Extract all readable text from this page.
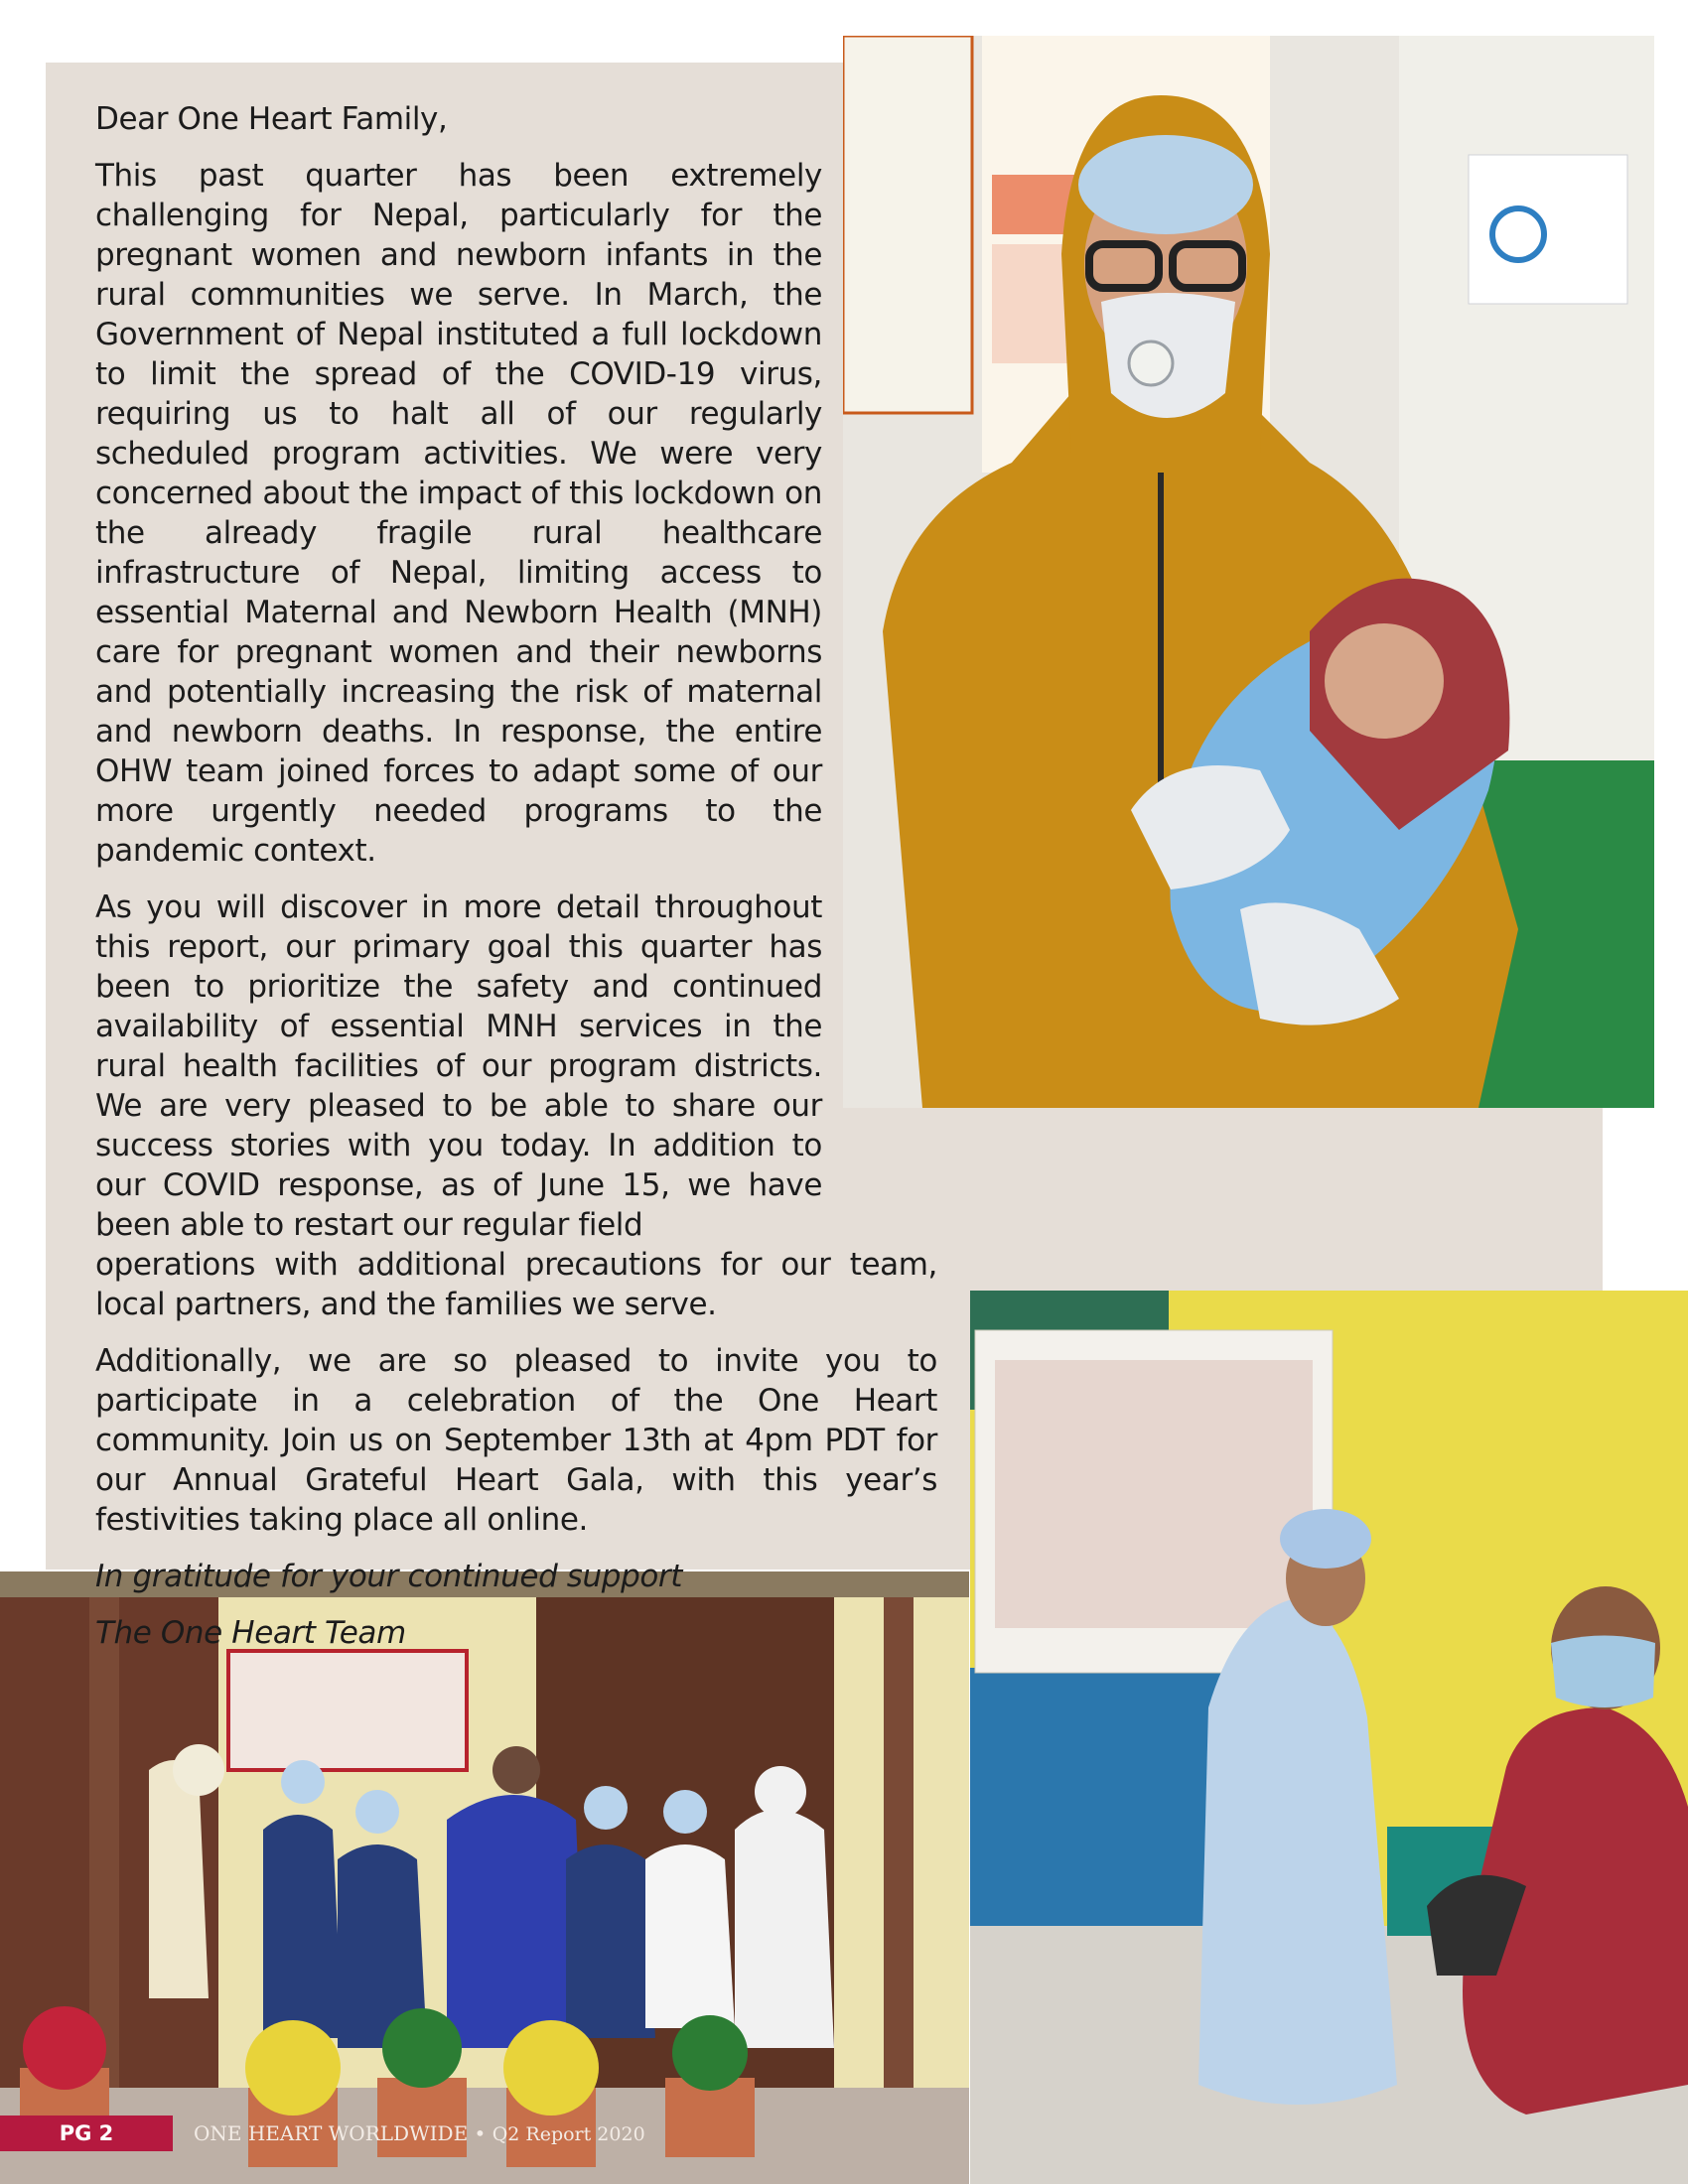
Dear One Heart Family,

This past quarter has been extremely challenging for Nepal, particularly for the pregnant women and newborn infants in the rural communities we serve. In March, the Government of Nepal instituted a full lockdown to limit the spread of the COVID-19 virus, requiring us to halt all of our regularly scheduled program activities. We were very concerned about the impact of this lockdown on the already fragile rural healthcare infrastructure of Nepal, limiting access to essential Maternal and Newborn Health (MNH) care for pregnant women and their newborns and potentially increasing the risk of maternal and newborn deaths. In response, the entire OHW team joined forces to adapt some of our more urgently needed programs to the pandemic context.

As you will discover in more detail throughout this report, our primary goal this quarter has been to prioritize the safety and continued availability of essential MNH services in the rural health facilities of our program districts. We are very pleased to be able to share our success stories with you today. In addition to our COVID response, as of June 15, we have been able to restart our regular field

operations with additional precautions for our team, local partners, and the families we serve.

Additionally, we are so pleased to invite you to participate in a celebration of the One Heart community. Join us on September 13th at 4pm PDT for our Annual Grateful Heart Gala, with this year’s festivities taking place all online.

In gratitude for your continued support

The One Heart Team

PG 2	ONE HEART WORLDWIDE • Q2 Report 2020
